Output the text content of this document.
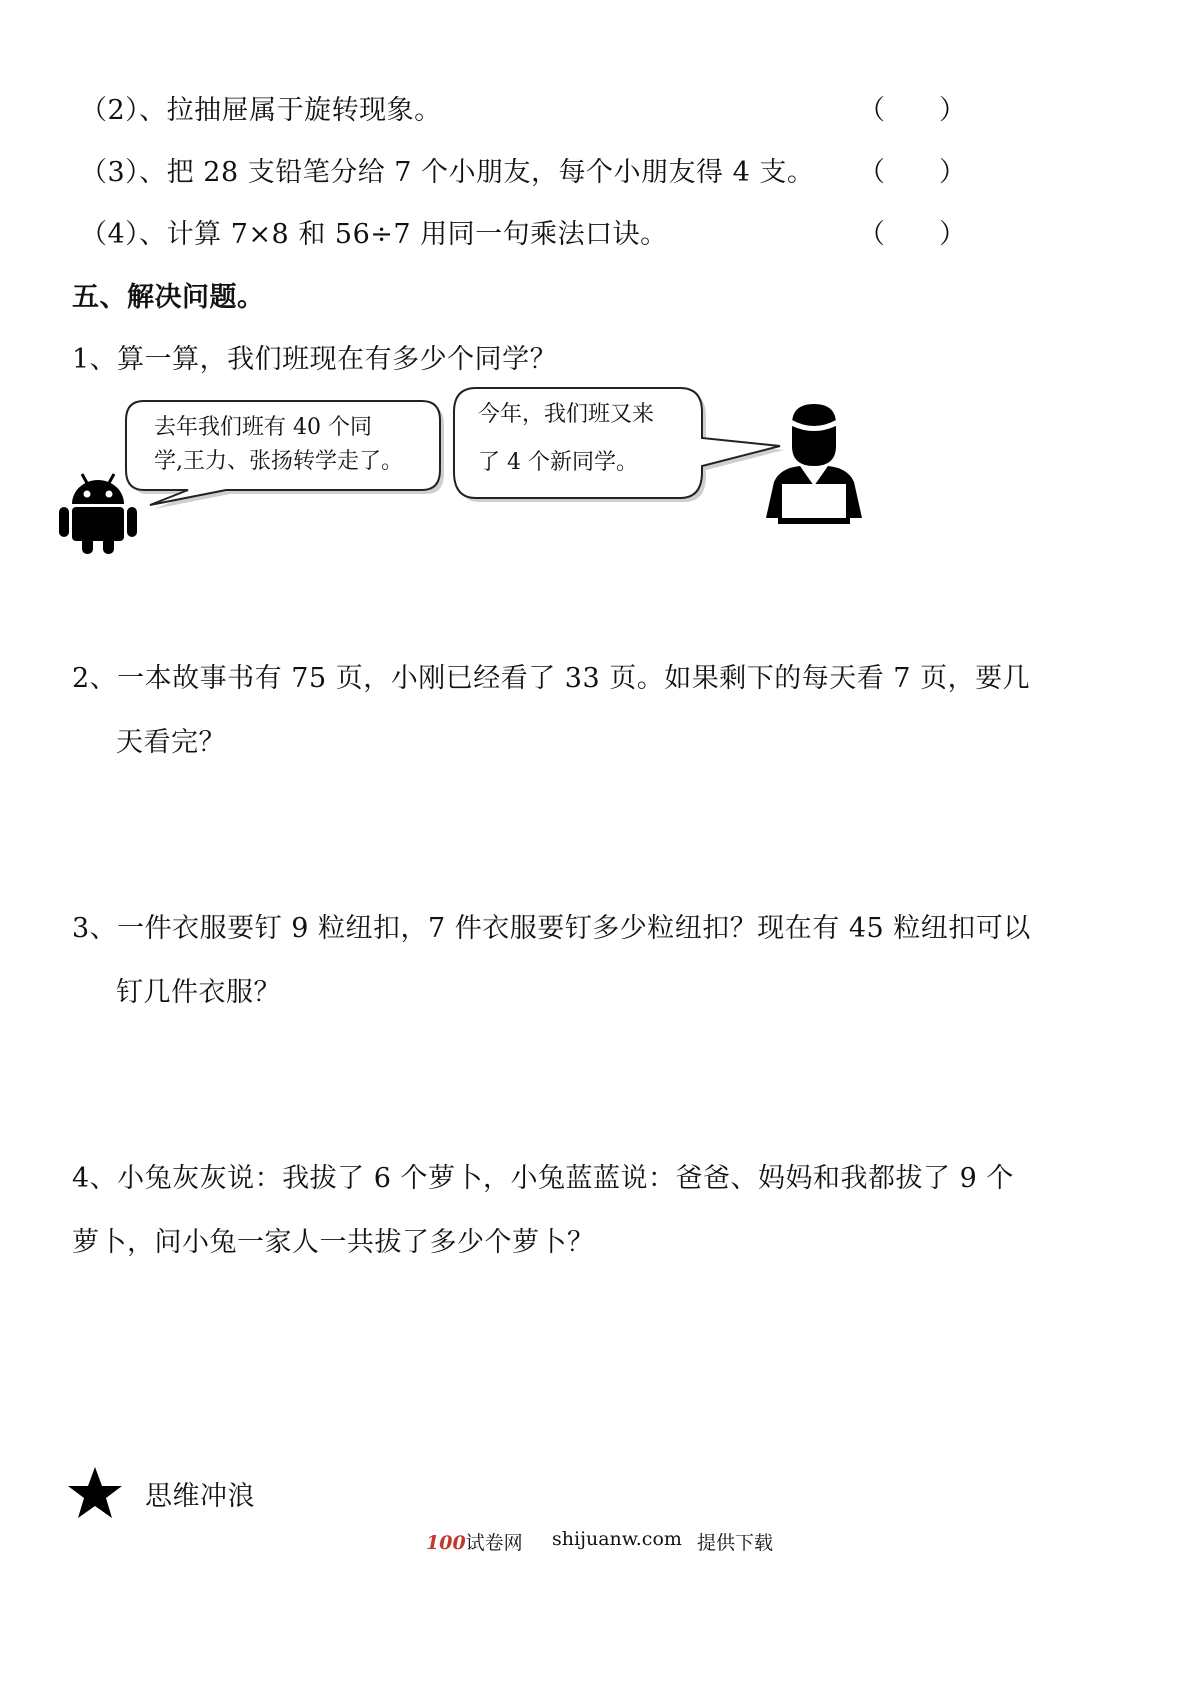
（2）、拉抽屉属于旋转现象。	（　　）
（3）、把 28 支铅笔分给 7 个小朋友，每个小朋友得 4 支。 （　　）
（4）、计算 7×8 和 56÷7 用同一句乘法口诀。	（　　）
五、解决问题。
1、算一算，我们班现在有多少个同学？
去年我们班有 40 个同
学,王力、张扬转学走了。
今年，我们班又来
了 4 个新同学。
2、一本故事书有 75 页，小刚已经看了 33 页。如果剩下的每天看 7 页，要几
天看完？
3、一件衣服要钉 9 粒纽扣，7 件衣服要钉多少粒纽扣？现在有 45 粒纽扣可以
钉几件衣服？
4、小兔灰灰说：我拔了 6 个萝卜，小兔蓝蓝说：爸爸、妈妈和我都拔了 9 个
萝卜，问小兔一家人一共拔了多少个萝卜？
思维冲浪
100试卷网 shijuanw.com 提供下载
